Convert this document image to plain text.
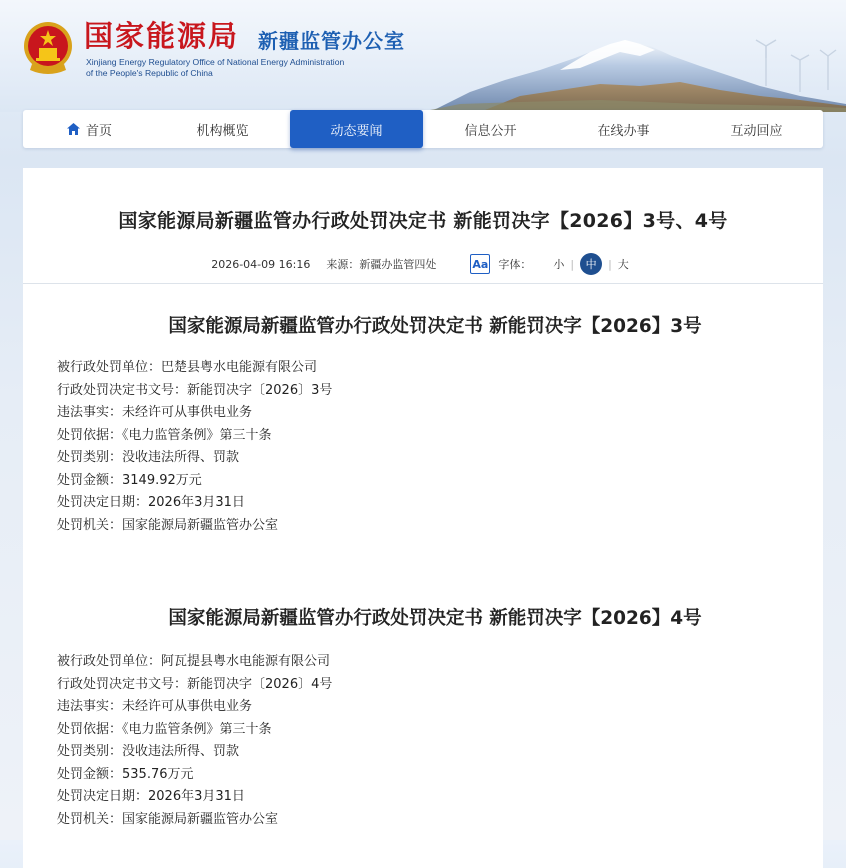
国家能源局 新疆监管办公室
Xinjiang Energy Regulatory Office of National Energy Administration
of the People's Republic of China
首页	机构概览	动态要闻	信息公开	在线办事	互动回应
国家能源局新疆监管办行政处罚决定书 新能罚决字【2026】3号、4号
2026-04-09 16:16 来源：新疆办监管四处	Aa 字体：	小 |	中	| 大
国家能源局新疆监管办行政处罚决定书 新能罚决字【2026】3号
被行政处罚单位：巴楚县粤水电能源有限公司
行政处罚决定书文号：新能罚决字〔2026〕3号
违法事实：未经许可从事供电业务
处罚依据：《电力监管条例》第三十条
处罚类别：没收违法所得、罚款
处罚金额：3149.92万元
处罚决定日期：2026年3月31日
处罚机关：国家能源局新疆监管办公室
国家能源局新疆监管办行政处罚决定书 新能罚决字【2026】4号
被行政处罚单位：阿瓦提县粤水电能源有限公司
行政处罚决定书文号：新能罚决字〔2026〕4号
违法事实：未经许可从事供电业务
处罚依据：《电力监管条例》第三十条
处罚类别：没收违法所得、罚款
处罚金额：535.76万元
处罚决定日期：2026年3月31日
处罚机关：国家能源局新疆监管办公室
